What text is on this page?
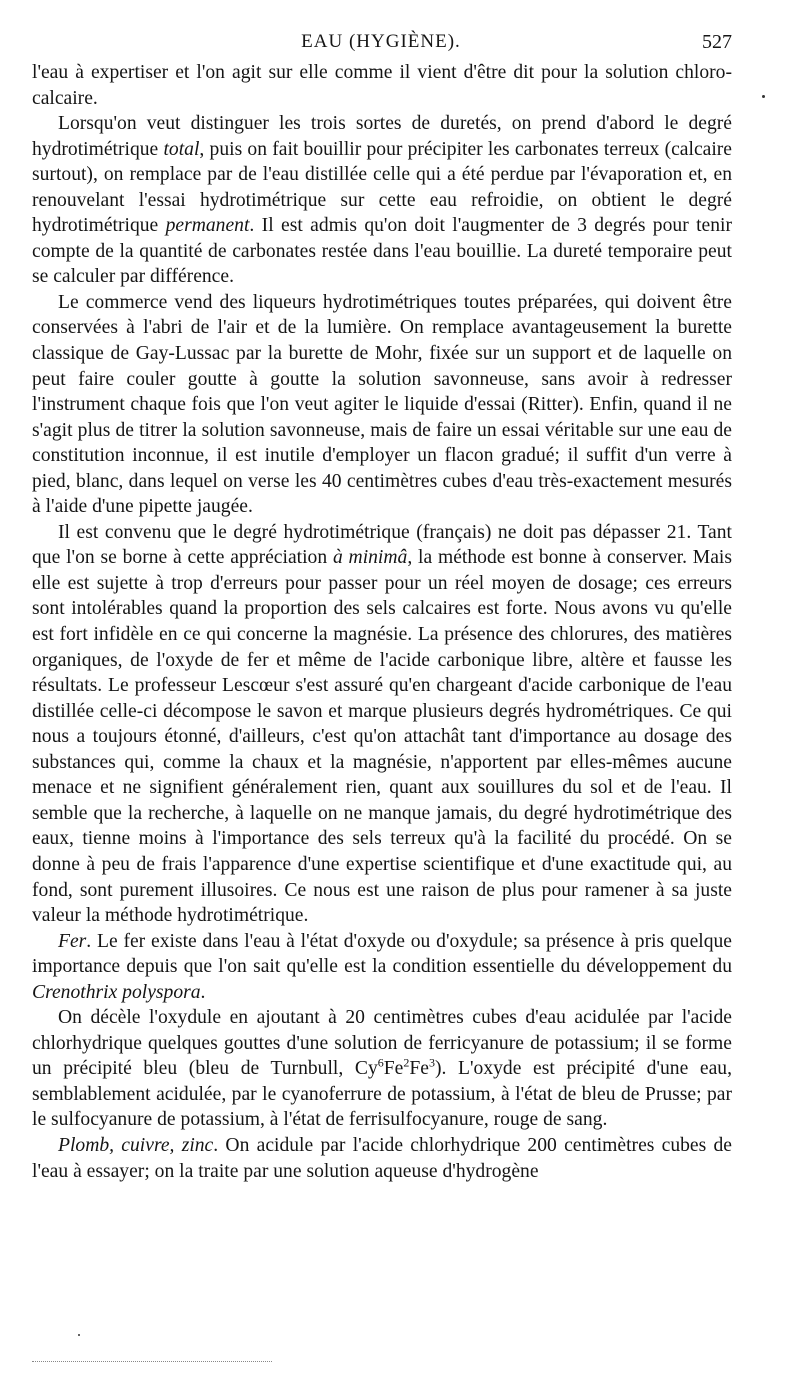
EAU (HYGIÈNE).	527

l'eau à expertiser et l'on agit sur elle comme il vient d'être dit pour la solution chloro-calcaire.

Lorsqu'on veut distinguer les trois sortes de duretés, on prend d'abord le degré hydrotimétrique total, puis on fait bouillir pour précipiter les carbonates terreux (calcaire surtout), on remplace par de l'eau distillée celle qui a été perdue par l'évaporation et, en renouvelant l'essai hydrotimétrique sur cette eau refroidie, on obtient le degré hydrotimétrique permanent. Il est admis qu'on doit l'augmenter de 3 degrés pour tenir compte de la quantité de carbonates restée dans l'eau bouillie. La dureté temporaire peut se calculer par différence.

Le commerce vend des liqueurs hydrotimétriques toutes préparées, qui doivent être conservées à l'abri de l'air et de la lumière. On remplace avantageusement la burette classique de Gay-Lussac par la burette de Mohr, fixée sur un support et de laquelle on peut faire couler goutte à goutte la solution savonneuse, sans avoir à redresser l'instrument chaque fois que l'on veut agiter le liquide d'essai (Ritter). Enfin, quand il ne s'agit plus de titrer la solution savonneuse, mais de faire un essai véritable sur une eau de constitution inconnue, il est inutile d'employer un flacon gradué; il suffit d'un verre à pied, blanc, dans lequel on verse les 40 centimètres cubes d'eau très-exactement mesurés à l'aide d'une pipette jaugée.

Il est convenu que le degré hydrotimétrique (français) ne doit pas dépasser 21. Tant que l'on se borne à cette appréciation à minimâ, la méthode est bonne à conserver. Mais elle est sujette à trop d'erreurs pour passer pour un réel moyen de dosage; ces erreurs sont intolérables quand la proportion des sels calcaires est forte. Nous avons vu qu'elle est fort infidèle en ce qui concerne la magnésie. La présence des chlorures, des matières organiques, de l'oxyde de fer et même de l'acide carbonique libre, altère et fausse les résultats. Le professeur Lescœur s'est assuré qu'en chargeant d'acide carbonique de l'eau distillée celle-ci décompose le savon et marque plusieurs degrés hydrométriques. Ce qui nous a toujours étonné, d'ailleurs, c'est qu'on attachât tant d'importance au dosage des substances qui, comme la chaux et la magnésie, n'apportent par elles-mêmes aucune menace et ne signifient généralement rien, quant aux souillures du sol et de l'eau. Il semble que la recherche, à laquelle on ne manque jamais, du degré hydrotimétrique des eaux, tienne moins à l'importance des sels terreux qu'à la facilité du procédé. On se donne à peu de frais l'apparence d'une expertise scientifique et d'une exactitude qui, au fond, sont purement illusoires. Ce nous est une raison de plus pour ramener à sa juste valeur la méthode hydrotimétrique.

Fer. Le fer existe dans l'eau à l'état d'oxyde ou d'oxydule; sa présence à pris quelque importance depuis que l'on sait qu'elle est la condition essentielle du développement du Crenothrix polyspora.

On décèle l'oxydule en ajoutant à 20 centimètres cubes d'eau acidulée par l'acide chlorhydrique quelques gouttes d'une solution de ferricyanure de potassium; il se forme un précipité bleu (bleu de Turnbull, Cy$^6$Fe$^2$Fe$^3$). L'oxyde est précipité d'une eau, semblablement acidulée, par le cyanoferrure de potassium, à l'état de bleu de Prusse; par le sulfocyanure de potassium, à l'état de ferrisulfocyanure, rouge de sang.

Plomb, cuivre, zinc. On acidule par l'acide chlorhydrique 200 centimètres cubes de l'eau à essayer; on la traite par une solution aqueuse d'hydrogène
